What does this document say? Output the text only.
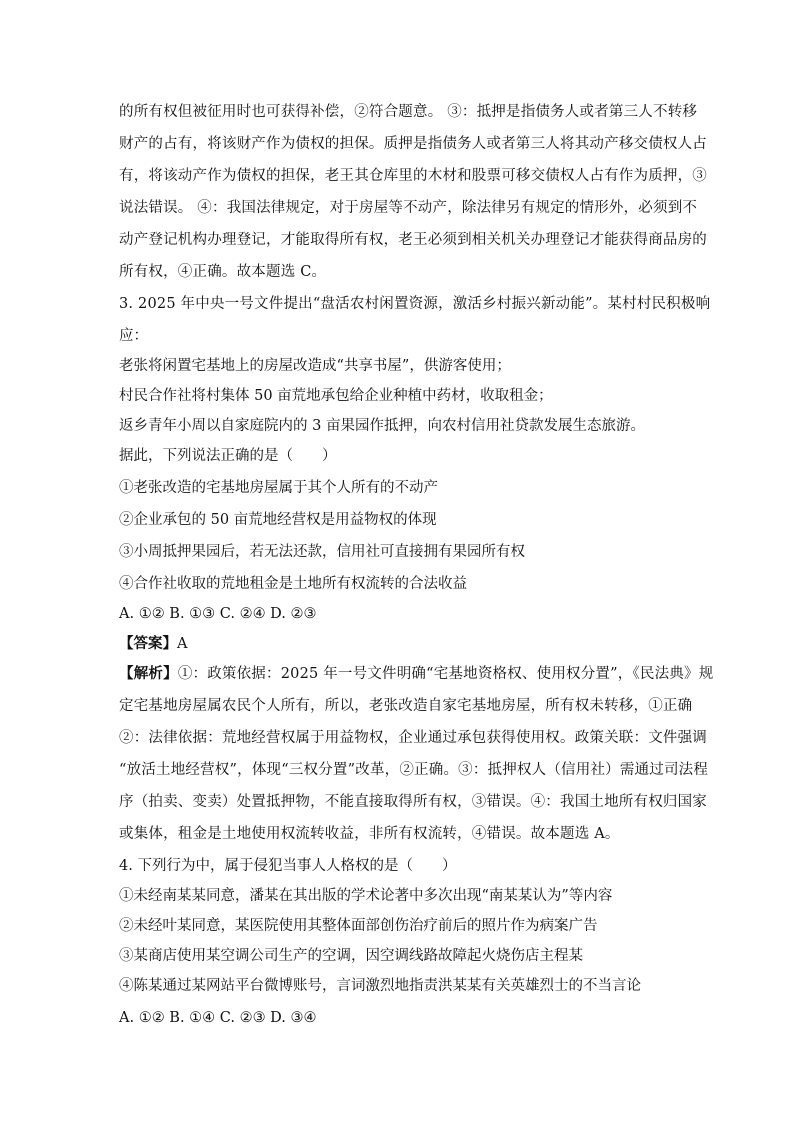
的所有权但被征用时也可获得补偿，②符合题意。 ③：抵押是指债务人或者第三人不转移
财产的占有，将该财产作为债权的担保。质押是指债务人或者第三人将其动产移交债权人占
有，将该动产作为债权的担保，老王其仓库里的木材和股票可移交债权人占有作为质押，③
说法错误。 ④：我国法律规定，对于房屋等不动产，除法律另有规定的情形外，必须到不
动产登记机构办理登记，才能取得所有权，老王必须到相关机关办理登记才能获得商品房的
所有权，④正确。故本题选 C。
3. 2025 年中央一号文件提出“盘活农村闲置资源，激活乡村振兴新动能”。某村村民积极响
应：
老张将闲置宅基地上的房屋改造成“共享书屋”，供游客使用；
村民合作社将村集体 50 亩荒地承包给企业种植中药材，收取租金；
返乡青年小周以自家庭院内的 3 亩果园作抵押，向农村信用社贷款发展生态旅游。
据此，下列说法正确的是（　　）
①老张改造的宅基地房屋属于其个人所有的不动产
②企业承包的 50 亩荒地经营权是用益物权的体现
③小周抵押果园后，若无法还款，信用社可直接拥有果园所有权
④合作社收取的荒地租金是土地所有权流转的合法收益
A. ①② B. ①③ C. ②④ D. ②③
【答案】A
【解析】①：政策依据：2025 年一号文件明确“宅基地资格权、使用权分置”，《民法典》规
定宅基地房屋属农民个人所有，所以，老张改造自家宅基地房屋，所有权未转移，①正确
②：法律依据：荒地经营权属于用益物权，企业通过承包获得使用权。政策关联：文件强调
“放活土地经营权”，体现“三权分置”改革，②正确。③：抵押权人（信用社）需通过司法程
序（拍卖、变卖）处置抵押物，不能直接取得所有权，③错误。④：我国土地所有权归国家
或集体，租金是土地使用权流转收益，非所有权流转，④错误。故本题选 A。
4. 下列行为中，属于侵犯当事人人格权的是（　　）
①未经南某某同意，潘某在其出版的学术论著中多次出现“南某某认为”等内容
②未经叶某同意，某医院使用其整体面部创伤治疗前后的照片作为病案广告
③某商店使用某空调公司生产的空调，因空调线路故障起火烧伤店主程某
④陈某通过某网站平台微博账号，言词激烈地指责洪某某有关英雄烈士的不当言论
A. ①② B. ①④ C. ②③ D. ③④
